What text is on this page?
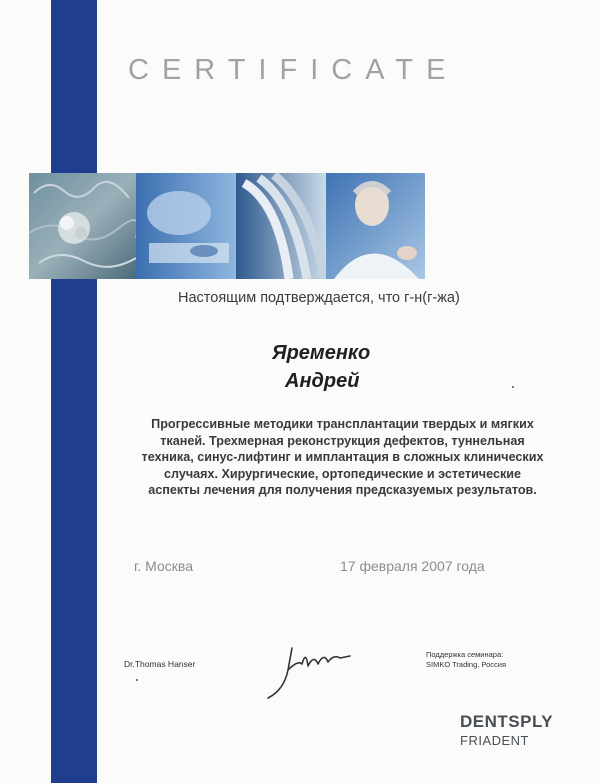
CERTIFICATE
Настоящим подтверждается, что г-н(г-жа)
Яременко
Андрей
Прогрессивные методики трансплантации твердых и мягких тканей. Трехмерная реконструкция дефектов, туннельная техника, синус-лифтинг и имплантация в сложных клинических случаях. Хирургические, ортопедические и эстетические аспекты лечения для получения предсказуемых результатов.
г. Москва	17 февраля 2007 года
Dr.Thomas Hanser
Поддержка семинара:
SIMKO Trading, Россия
DENTSPLY
FRIADENT
